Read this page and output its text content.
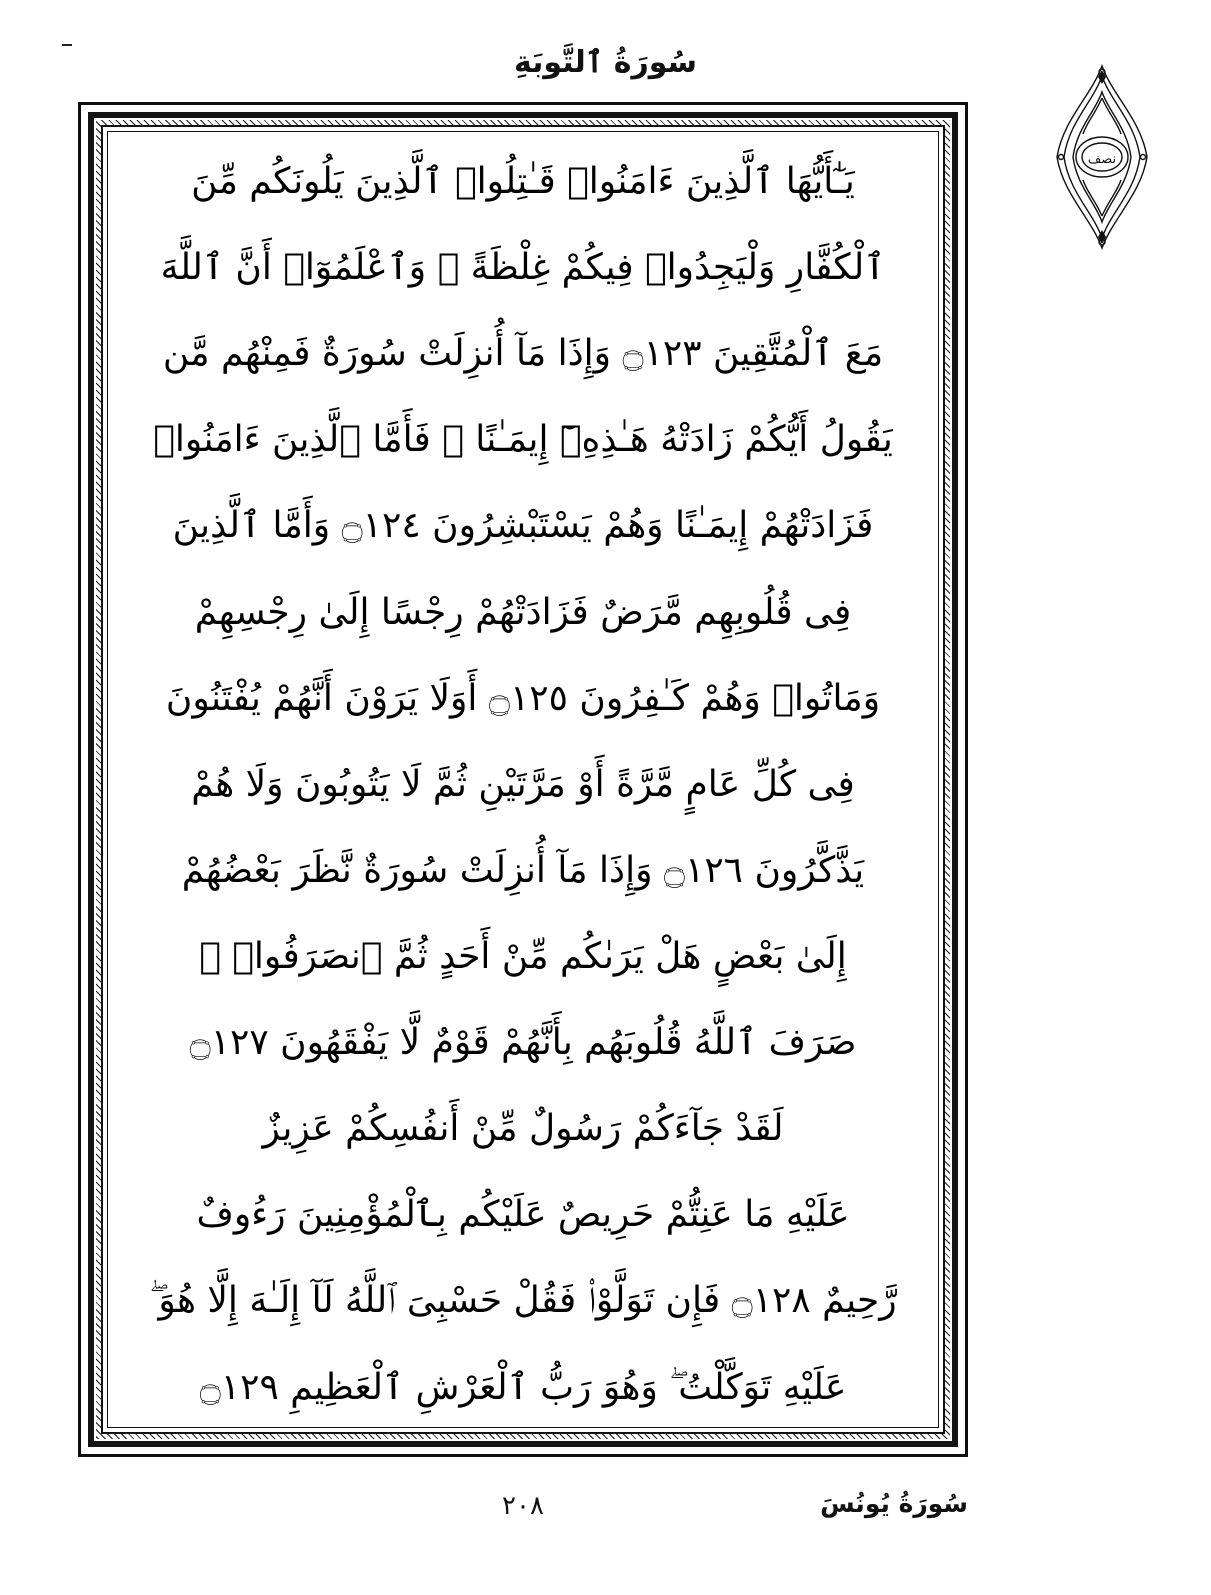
سُورَةُ ٱلتَّوبَةِ
نصف
يَـٰٓأَيُّهَا ٱلَّذِينَ ءَامَنُوا۟ قَـٰتِلُوا۟ ٱلَّذِينَ يَلُونَكُم مِّنَ
ٱلْكُفَّارِ وَلْيَجِدُوا۟ فِيكُمْ غِلْظَةً ۚ وَٱعْلَمُوٓا۟ أَنَّ ٱللَّهَ
مَعَ ٱلْمُتَّقِينَ ۝١٢٣ وَإِذَا مَآ أُنزِلَتْ سُورَةٌ فَمِنْهُم مَّن
يَقُولُ أَيُّكُمْ زَادَتْهُ هَـٰذِهِۦٓ إِيمَـٰنًا ۚ فَأَمَّا ٱلَّذِينَ ءَامَنُوا۟
فَزَادَتْهُمْ إِيمَـٰنًا وَهُمْ يَسْتَبْشِرُونَ ۝١٢٤ وَأَمَّا ٱلَّذِينَ
فِى قُلُوبِهِم مَّرَضٌ فَزَادَتْهُمْ رِجْسًا إِلَىٰ رِجْسِهِمْ
وَمَاتُوا۟ وَهُمْ كَـٰفِرُونَ ۝١٢٥ أَوَلَا يَرَوْنَ أَنَّهُمْ يُفْتَنُونَ
فِى كُلِّ عَامٍ مَّرَّةً أَوْ مَرَّتَيْنِ ثُمَّ لَا يَتُوبُونَ وَلَا هُمْ
يَذَّكَّرُونَ ۝١٢٦ وَإِذَا مَآ أُنزِلَتْ سُورَةٌ نَّظَرَ بَعْضُهُمْ
إِلَىٰ بَعْضٍ هَلْ يَرَىٰكُم مِّنْ أَحَدٍ ثُمَّ ٱنصَرَفُوا۟ ۚ
صَرَفَ ٱللَّهُ قُلُوبَهُم بِأَنَّهُمْ قَوْمٌ لَّا يَفْقَهُونَ ۝١٢٧
لَقَدْ جَآءَكُمْ رَسُولٌ مِّنْ أَنفُسِكُمْ عَزِيزٌ
عَلَيْهِ مَا عَنِتُّمْ حَرِيصٌ عَلَيْكُم بِٱلْمُؤْمِنِينَ رَءُوفٌ
رَّحِيمٌ ۝١٢٨ فَإِن تَوَلَّوْا۟ فَقُلْ حَسْبِىَ ٱللَّهُ لَآ إِلَـٰهَ إِلَّا هُوَ ۖ
عَلَيْهِ تَوَكَّلْتُ ۖ وَهُوَ رَبُّ ٱلْعَرْشِ ٱلْعَظِيمِ ۝١٢٩
سُورَةُ يُونُسَ
٢٠٨
